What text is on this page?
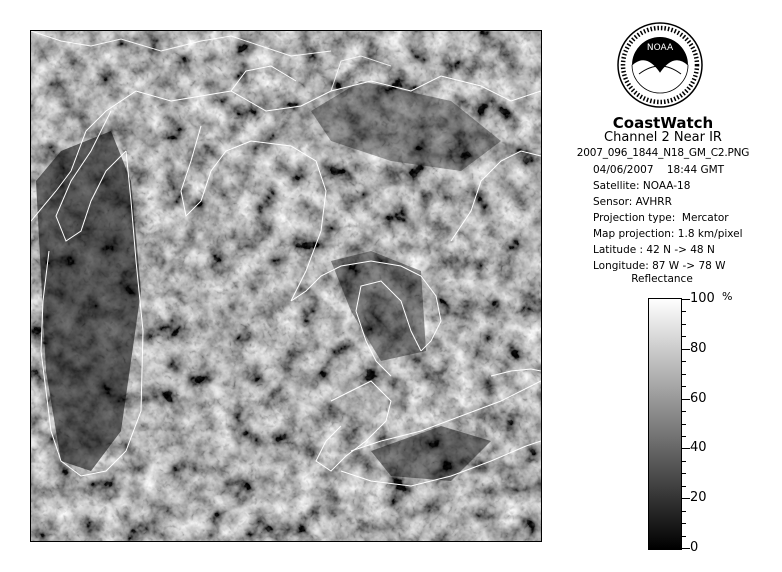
NOAA
CoastWatch
Channel 2 Near IR
2007_096_1844_N18_GM_C2.PNG
04/06/2007    18:44 GMT
Satellite: NOAA-18
Sensor: AVHRR
Projection type:  Mercator
Map projection: 1.8 km/pixel
Latitude : 42 N -> 48 N
Longitude: 87 W -> 78 W
Reflectance
%
100
80
60
40
20
0
